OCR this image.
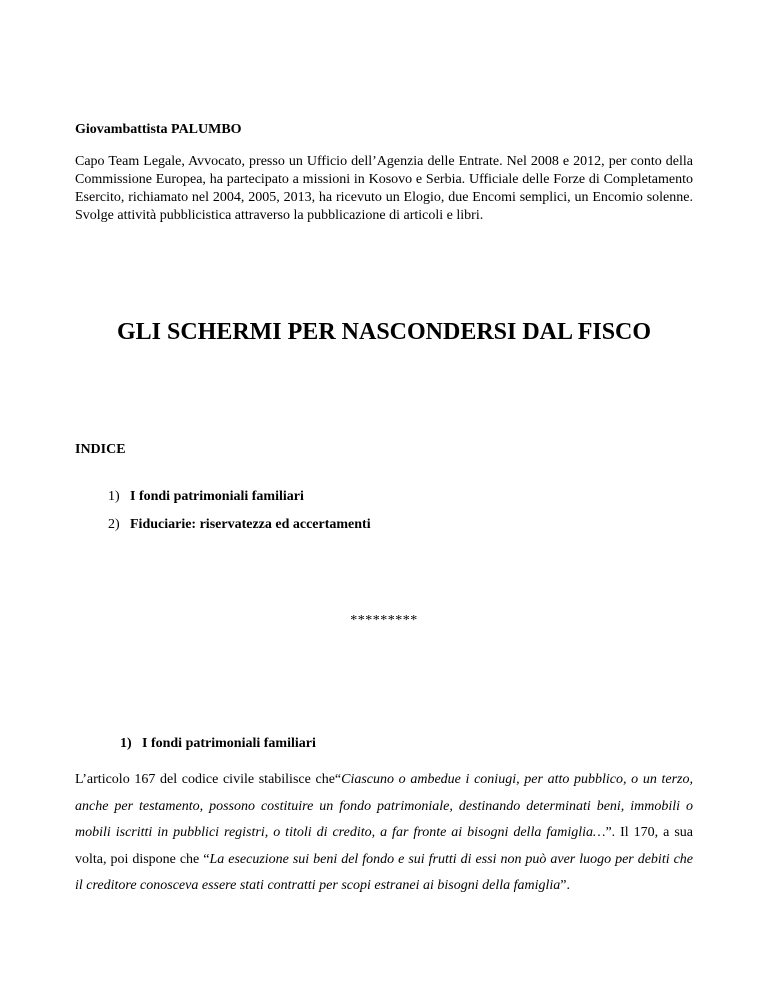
Giovambattista PALUMBO
Capo Team Legale, Avvocato, presso un Ufficio dell’Agenzia delle Entrate. Nel 2008 e 2012, per conto della Commissione Europea, ha partecipato a missioni in Kosovo e Serbia. Ufficiale delle Forze di Completamento Esercito, richiamato nel 2004, 2005, 2013, ha ricevuto un Elogio, due Encomi semplici, un Encomio solenne. Svolge attività pubblicistica attraverso la pubblicazione di articoli e libri.
GLI SCHERMI PER NASCONDERSI DAL FISCO
INDICE
1) I fondi patrimoniali familiari
2) Fiduciarie: riservatezza ed accertamenti
*********
1) I fondi patrimoniali familiari
L’articolo 167 del codice civile stabilisce che“Ciascuno o ambedue i coniugi, per atto pubblico, o un terzo, anche per testamento, possono costituire un fondo patrimoniale, destinando determinati beni, immobili o mobili iscritti in pubblici registri, o titoli di credito, a far fronte ai bisogni della famiglia…”. Il 170, a sua volta, poi dispone che “La esecuzione sui beni del fondo e sui frutti di essi non può aver luogo per debiti che il creditore conosceva essere stati contratti per scopi estranei ai bisogni della famiglia”.
